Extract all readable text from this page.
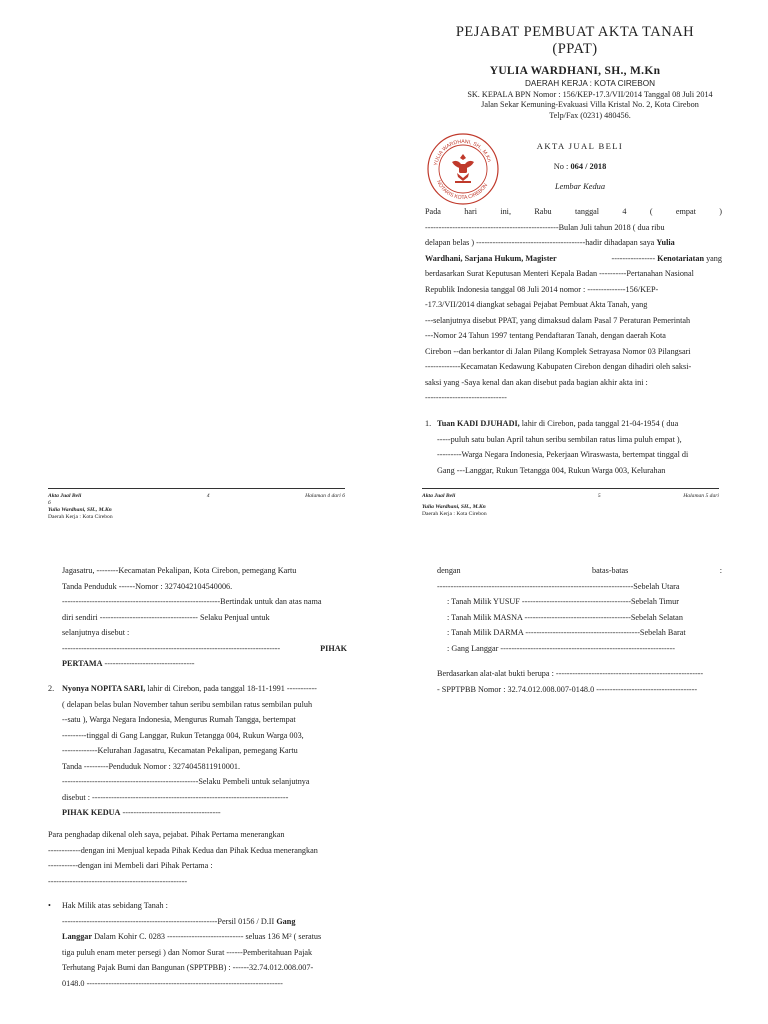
PEJABAT PEMBUAT AKTA TANAH
(PPAT)
YULIA WARDHANI, SH., M.Kn
DAERAH KERJA : KOTA CIREBON
SK. KEPALA BPN Nomor : 156/KEP-17.3/VII/2014 Tanggal 08 Juli 2014
Jalan Sekar Kemuning-Evakuasi Villa Kristal No. 2, Kota Cirebon
Telp/Fax (0231) 480456.
YULIA WARDHANI, SH., M.Kn
NOTARIS KOTA CIREBON
AKTA JUAL BELI
No : 064 / 2018
Lembar Kedua
Pada	hari	ini,	Rabu	tanggal	4	(	empat	)
-------------------------------------------------Bulan Juli tahun 2018 ( dua ribu
delapan belas ) ----------------------------------------hadir dihadapan saya Yulia
Wardhani, Sarjana Hukum, Magister	---------------- Kenotariatan yang
berdasarkan Surat Keputusan Menteri Kepala Badan ----------Pertanahan Nasional
Republik Indonesia tanggal 08 Juli 2014 nomor : --------------156/KEP-
-17.3/VII/2014 diangkat sebagai Pejabat Pembuat Akta Tanah, yang
---selanjutnya disebut PPAT, yang dimaksud dalam Pasal 7 Peraturan Pemerintah
---Nomor 24 Tahun 1997 tentang Pendaftaran Tanah, dengan daerah Kota
Cirebon --dan berkantor di Jalan Pilang Komplek Setrayasa Nomor 03 Pilangsari
-------------Kecamatan Kedawung Kabupaten Cirebon dengan dihadiri oleh saksi-
saksi yang -Saya kenal dan akan disebut pada bagian akhir akta ini :
------------------------------
1. Tuan KADI DJUHADI, lahir di Cirebon, pada tanggal 21-04-1954 ( dua
-----puluh satu bulan April tahun seribu sembilan ratus lima puluh empat ),
---------Warga Negara Indonesia, Pekerjaan Wiraswasta, bertempat tinggal di
Gang ---Langgar, Rukun Tetangga 004, Rukun Warga 003, Kelurahan
Akta Jual Beli	4	Halaman 4 dari 6
6
Yulia Wardhani, SH., M.Kn
Daerah Kerja : Kota Cirebon
Akta Jual Beli	5	Halaman 5 dari
Yulia Wardhani, SH., M.Kn
Daerah Kerja : Kota Cirebon
Jagasatru, --------Kecamatan Pekalipan, Kota Cirebon, pemegang Kartu
Tanda Penduduk ------Nomor : 3274042104540006.
----------------------------------------------------------Bertindak untuk dan atas nama
diri sendiri ------------------------------------ Selaku Penjual untuk
selanjutnya disebut :
--------------------------------------------------------------------------------	PIHAK
PERTAMA ---------------------------------
2. Nyonya NOPITA SARI, lahir di Cirebon, pada tanggal 18-11-1991 -----------
( delapan belas bulan November tahun seribu sembilan ratus sembilan puluh
--satu ), Warga Negara Indonesia, Mengurus Rumah Tangga, bertempat
---------tinggal di Gang Langgar, Rukun Tetangga 004, Rukun Warga 003,
-------------Kelurahan Jagasatru, Kecamatan Pekalipan, pemegang Kartu
Tanda ---------Penduduk Nomor : 3274045811910001.
--------------------------------------------------Selaku Pembeli untuk selanjutnya
disebut : ------------------------------------------------------------------------
PIHAK KEDUA ------------------------------------
Para penghadap dikenal oleh saya, pejabat. Pihak Pertama menerangkan
------------dengan ini Menjual kepada Pihak Kedua dan Pihak Kedua menerangkan
-----------dengan ini Membeli dari Pihak Pertama :
---------------------------------------------------
•	Hak Milik atas sebidang Tanah :
---------------------------------------------------------Persil 0156 / D.II Gang
Langgar Dalam Kohir C. 0283 ---------------------------- seluas 136 M² ( seratus
tiga puluh enam meter persegi ) dan Nomor Surat ------Pemberitahuan Pajak
Terhutang Pajak Bumi dan Bangunan (SPPTPBB) : ------32.74.012.008.007-
0148.0 ------------------------------------------------------------------------
dengan	batas-batas	:
------------------------------------------------------------------------Sebelah Utara
: Tanah Milik YUSUF ----------------------------------------Sebelah Timur
: Tanah Milik MASNA ---------------------------------------Sebelah Selatan
: Tanah Milik DARMA ------------------------------------------Sebelah Barat
: Gang Langgar ----------------------------------------------------------------
Berdasarkan alat-alat bukti berupa : ------------------------------------------------------
- SPPTPBB Nomor : 32.74.012.008.007-0148.0 -------------------------------------
